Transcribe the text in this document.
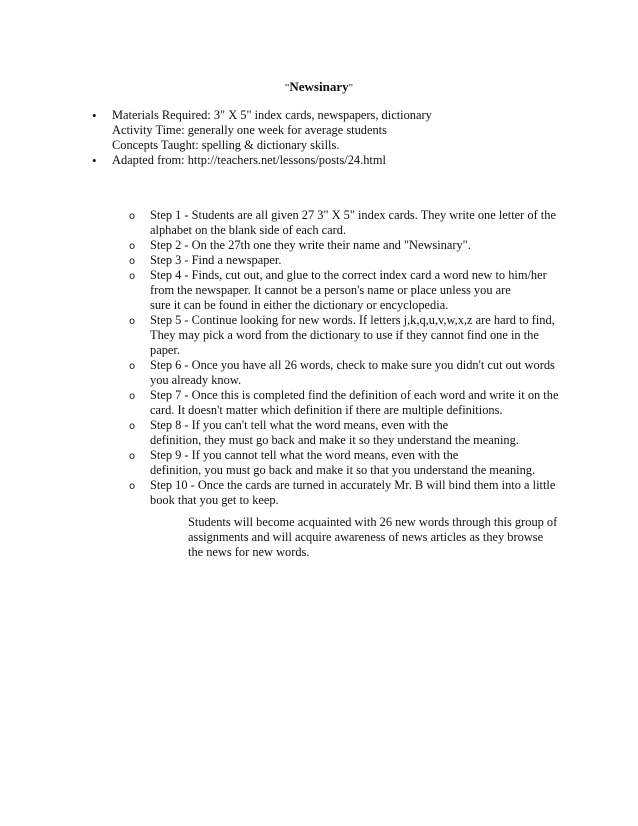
"Newsinary"
• Materials Required: 3" X 5" index cards, newspapers, dictionary
Activity Time: generally one week for average students
Concepts Taught: spelling & dictionary skills.
• Adapted from: http://teachers.net/lessons/posts/24.html
o Step 1 - Students are all given 27 3" X 5" index cards. They write one letter of the
alphabet on the blank side of each card.
o Step 2 - On the 27th one they write their name and "Newsinary".
o Step 3 - Find a newspaper.
o Step 4 - Finds, cut out, and glue to the correct index card a word new to him/her
from the newspaper. It cannot be a person's name or place unless you are
sure it can be found in either the dictionary or encyclopedia.
o Step 5 - Continue looking for new words. If letters j,k,q,u,v,w,x,z are hard to find,
They may pick a word from the dictionary to use if they cannot find one in the
paper.
o Step 6 - Once you have all 26 words, check to make sure you didn't cut out words
you already know.
o Step 7 - Once this is completed find the definition of each word and write it on the
card. It doesn't matter which definition if there are multiple definitions.
o Step 8 - If you can't tell what the word means, even with the
definition, they must go back and make it so they understand the meaning.
o Step 9 - If you cannot tell what the word means, even with the
definition, you must go back and make it so that you understand the meaning.
o Step 10 - Once the cards are turned in accurately Mr. B will bind them into a little
book that you get to keep.
Students will become acquainted with 26 new words through this group of
assignments and will acquire awareness of news articles as they browse
the news for new words.
